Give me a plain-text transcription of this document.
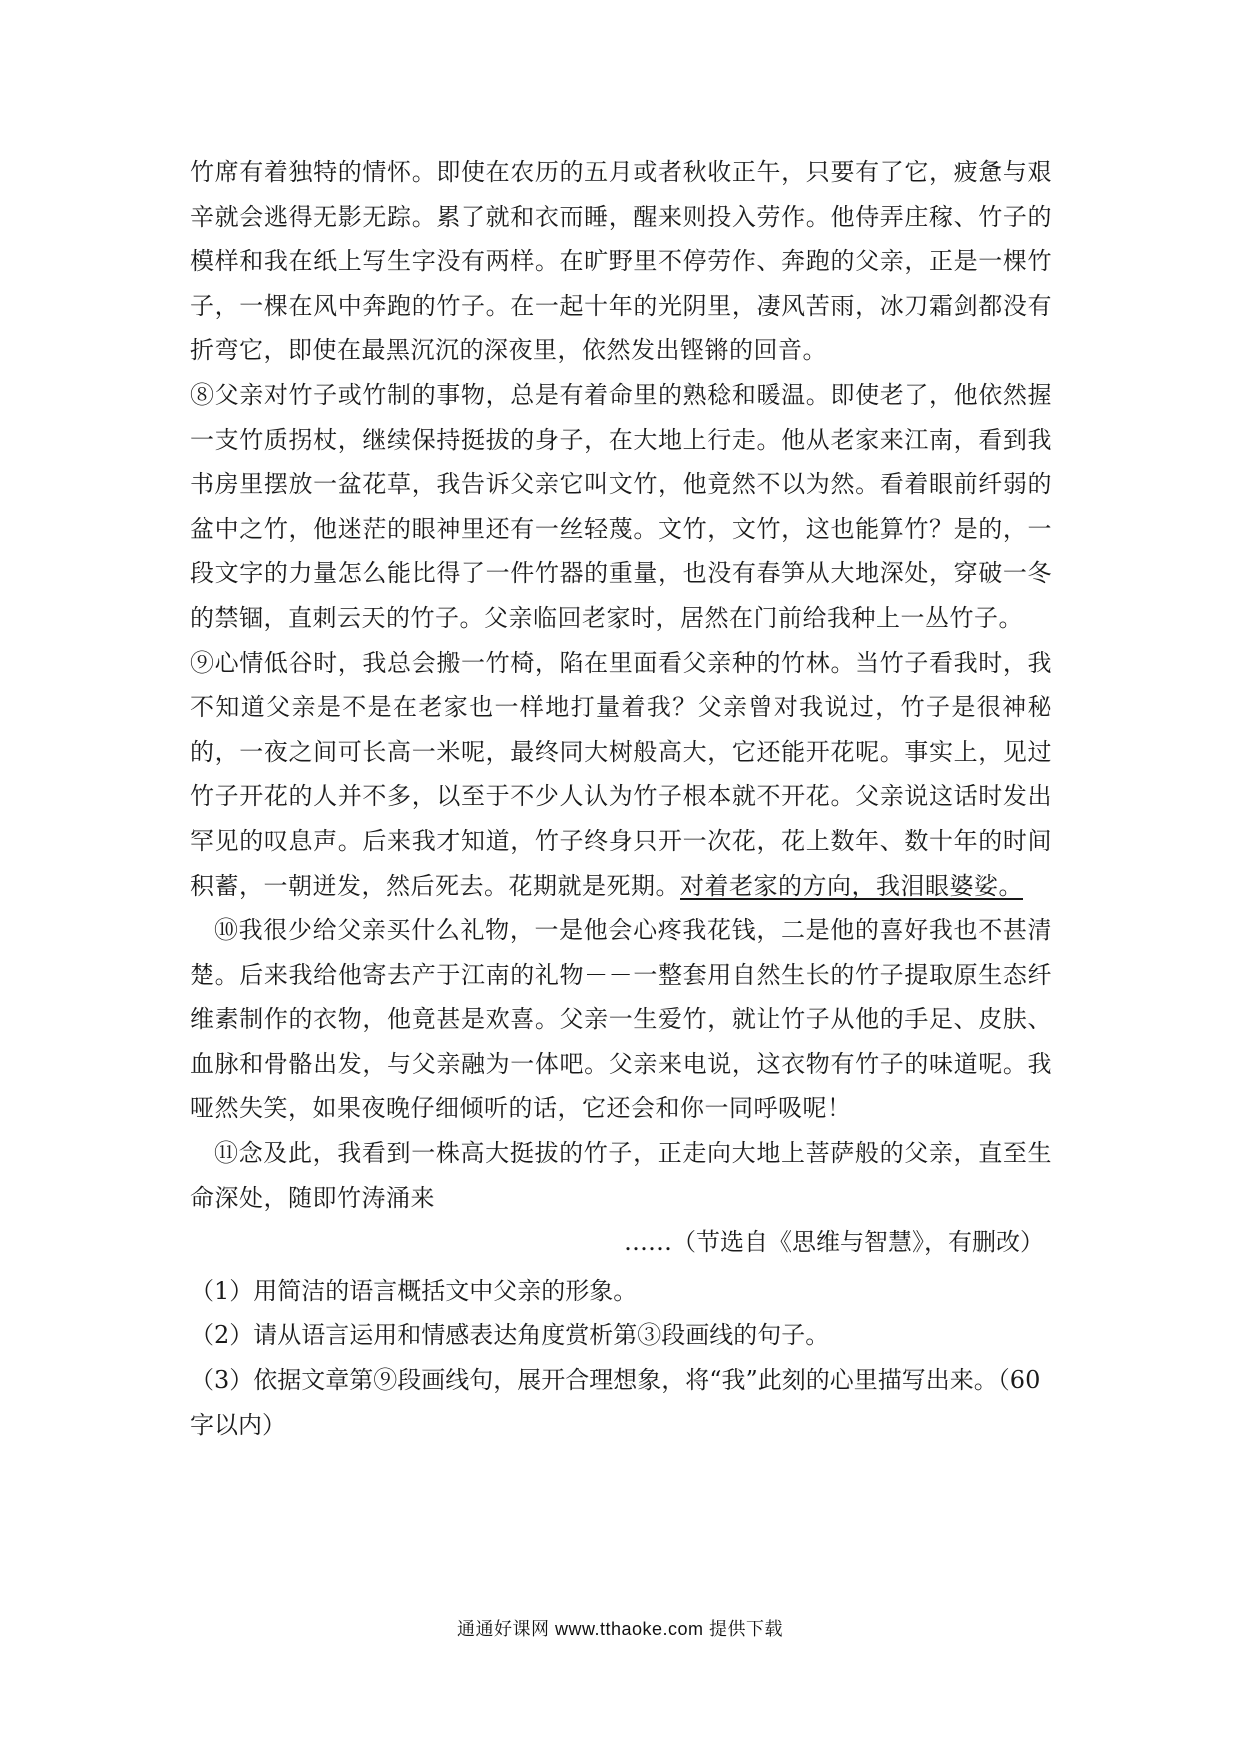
竹席有着独特的情怀。即使在农历的五月或者秋收正午，只要有了它，疲惫与艰辛就会逃得无影无踪。累了就和衣而睡，醒来则投入劳作。他侍弄庄稼、竹子的模样和我在纸上写生字没有两样。在旷野里不停劳作、奔跑的父亲，正是一棵竹子，一棵在风中奔跑的竹子。在一起十年的光阴里，凄风苦雨，冰刀霜剑都没有折弯它，即使在最黑沉沉的深夜里，依然发出铿锵的回音。

⑧父亲对竹子或竹制的事物，总是有着命里的熟稔和暖温。即使老了，他依然握一支竹质拐杖，继续保持挺拔的身子，在大地上行走。他从老家来江南，看到我书房里摆放一盆花草，我告诉父亲它叫文竹，他竟然不以为然。看着眼前纤弱的盆中之竹，他迷茫的眼神里还有一丝轻蔑。文竹，文竹，这也能算竹？是的，一段文字的力量怎么能比得了一件竹器的重量，也没有春笋从大地深处，穿破一冬的禁锢，直刺云天的竹子。父亲临回老家时，居然在门前给我种上一丛竹子。

⑨心情低谷时，我总会搬一竹椅，陷在里面看父亲种的竹林。当竹子看我时，我不知道父亲是不是在老家也一样地打量着我？父亲曾对我说过，竹子是很神秘的，一夜之间可长高一米呢，最终同大树般高大，它还能开花呢。事实上，见过竹子开花的人并不多，以至于不少人认为竹子根本就不开花。父亲说这话时发出罕见的叹息声。后来我才知道，竹子终身只开一次花，花上数年、数十年的时间积蓄，一朝迸发，然后死去。花期就是死期。对着老家的方向，我泪眼婆娑。

⑩我很少给父亲买什么礼物，一是他会心疼我花钱，二是他的喜好我也不甚清楚。后来我给他寄去产于江南的礼物－－一整套用自然生长的竹子提取原生态纤维素制作的衣物，他竟甚是欢喜。父亲一生爱竹，就让竹子从他的手足、皮肤、血脉和骨骼出发，与父亲融为一体吧。父亲来电说，这衣物有竹子的味道呢。我哑然失笑，如果夜晚仔细倾听的话，它还会和你一同呼吸呢！

⑪念及此，我看到一株高大挺拔的竹子，正走向大地上菩萨般的父亲，直至生命深处，随即竹涛涌来

……（节选自《思维与智慧》，有删改）

（1）用简洁的语言概括文中父亲的形象。

（2）请从语言运用和情感表达角度赏析第③段画线的句子。

（3）依据文章第⑨段画线句，展开合理想象，将“我”此刻的心里描写出来。（60字以内）

通通好课网 www.tthaoke.com 提供下载
